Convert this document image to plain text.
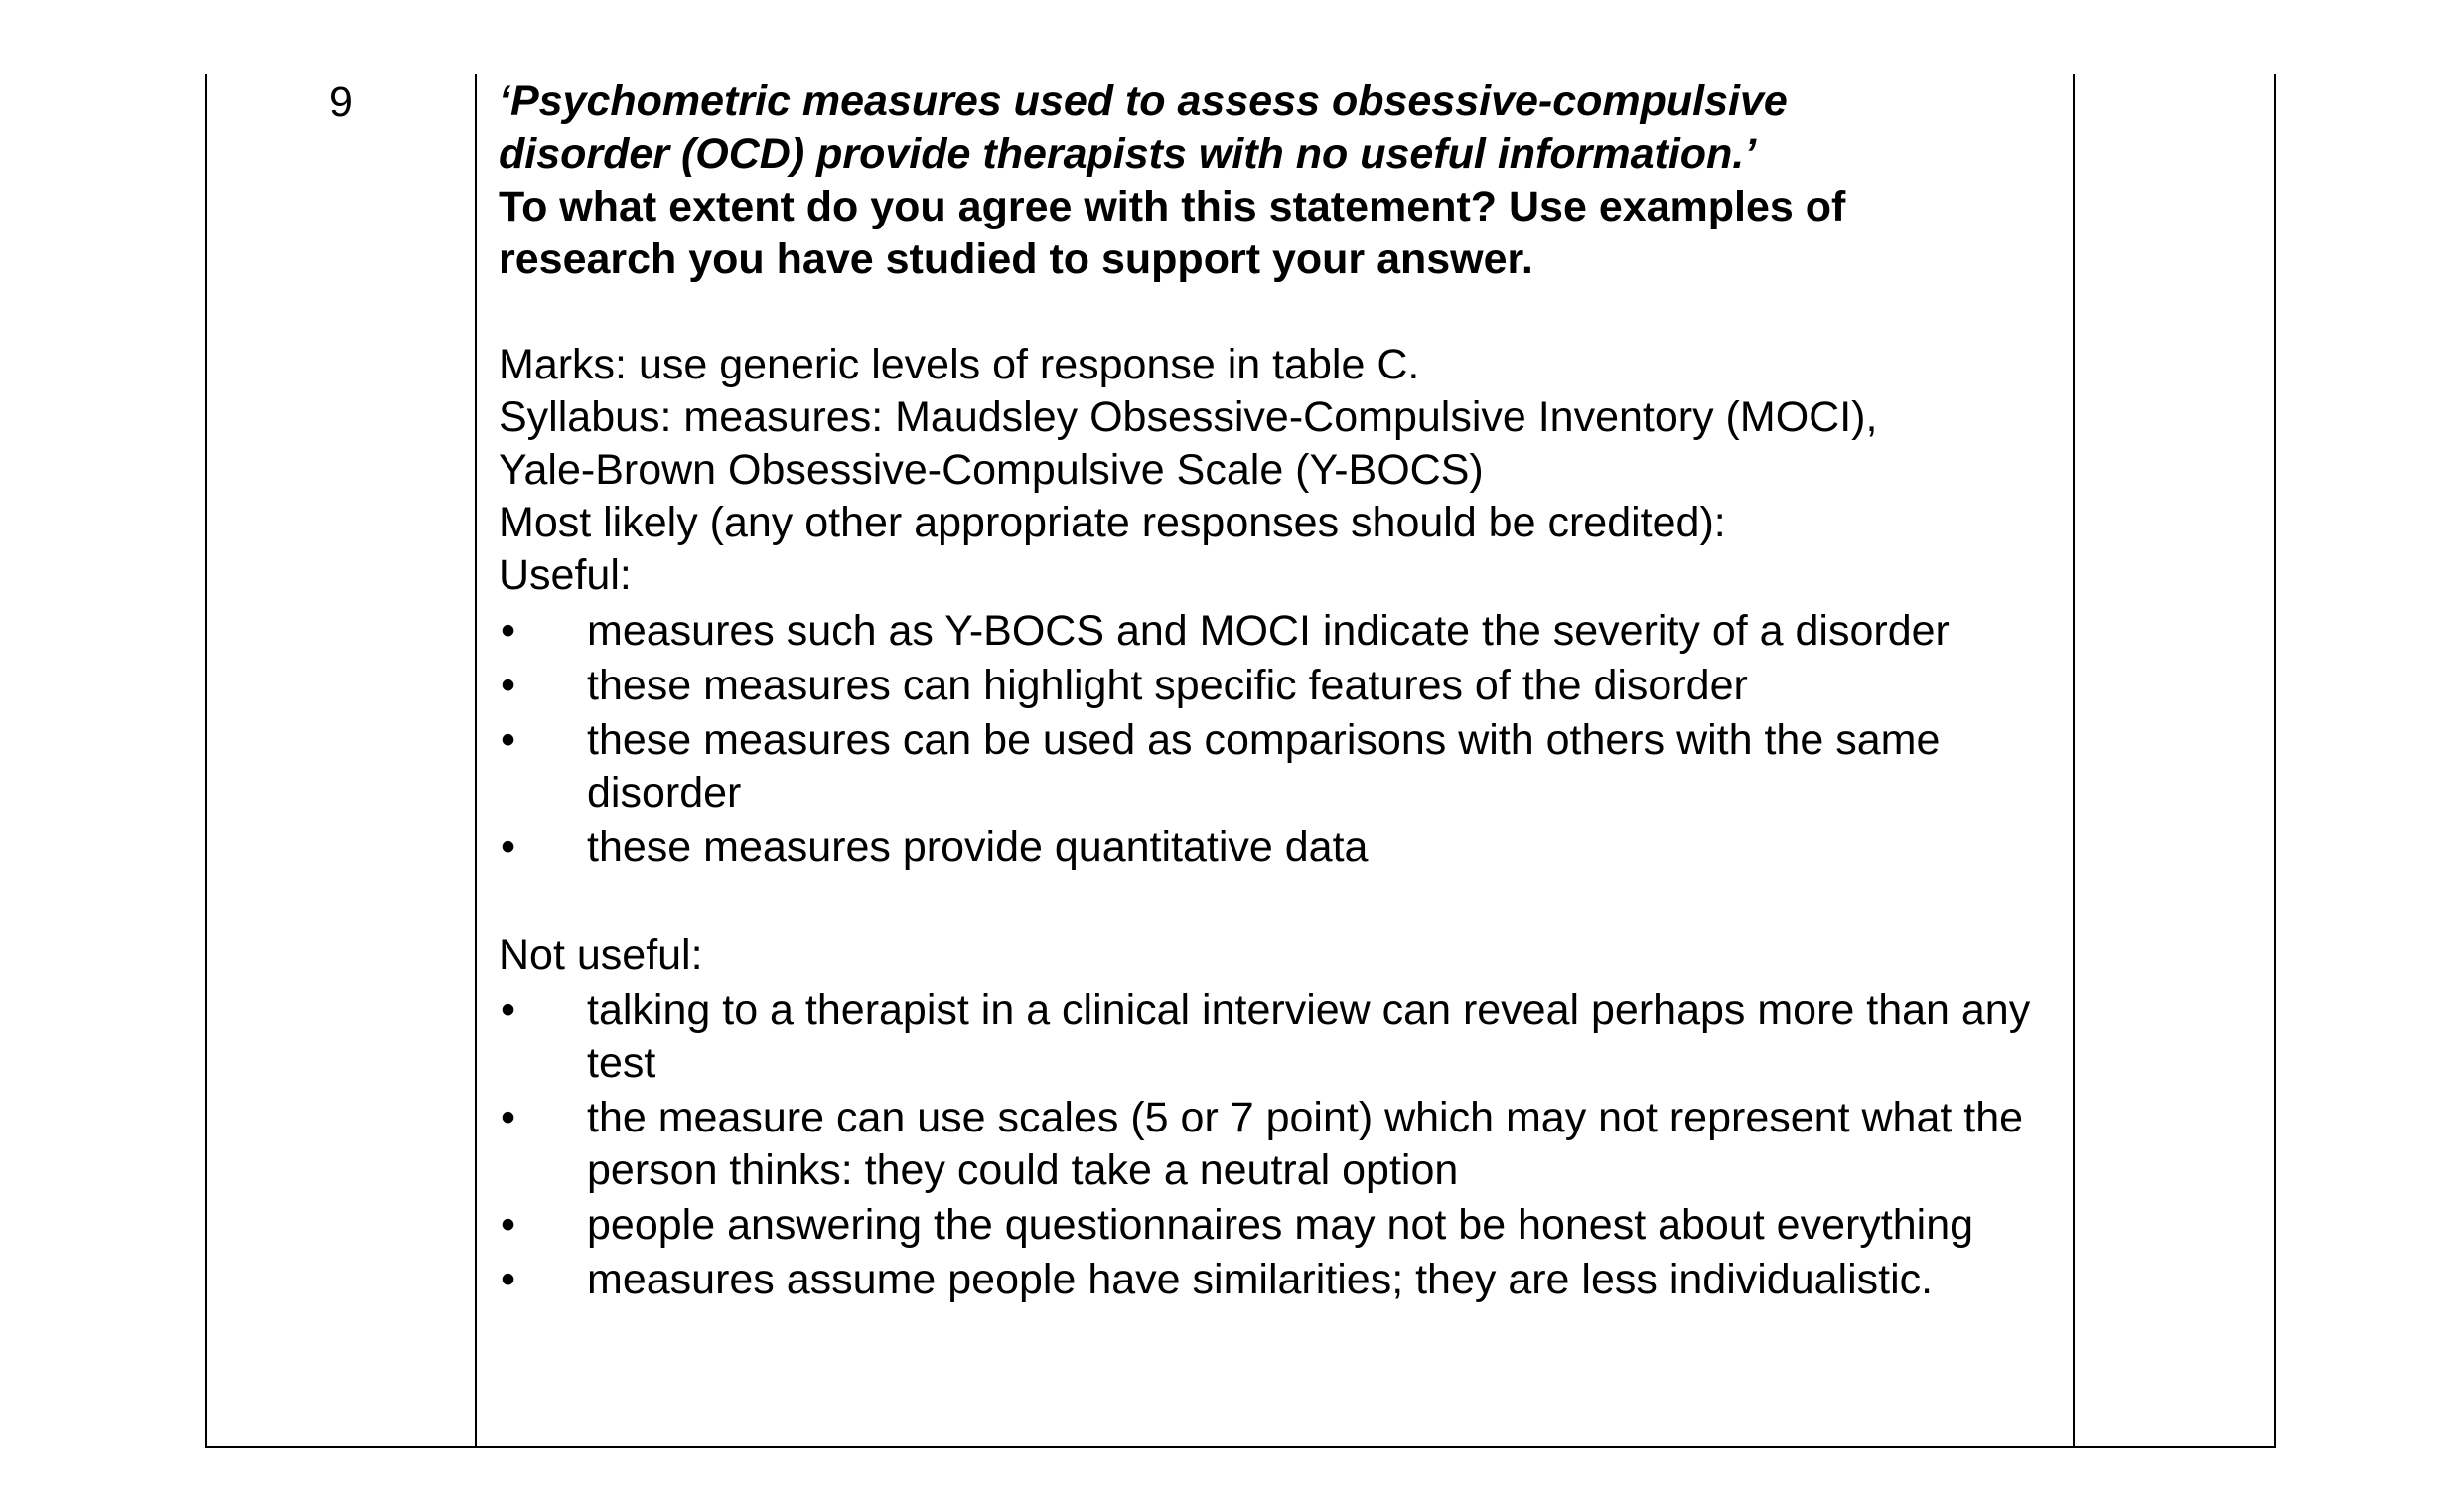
9	‘Psychometric measures used to assess obsessive-compulsive
disorder (OCD) provide therapists with no useful information.’
To what extent do you agree with this statement? Use examples of
research you have studied to support your answer.
Marks: use generic levels of response in table C.
Syllabus: measures: Maudsley Obsessive-Compulsive Inventory (MOCI),
Yale-Brown Obsessive-Compulsive Scale (Y-BOCS)
Most likely (any other appropriate responses should be credited):
Useful:
• measures such as Y-BOCS and MOCI indicate the severity of a disorder
• these measures can highlight specific features of the disorder
• these measures can be used as comparisons with others with the same disorder
• these measures provide quantitative data
Not useful:
• talking to a therapist in a clinical interview can reveal perhaps more than any test
• the measure can use scales (5 or 7 point) which may not represent what the person thinks: they could take a neutral option
• people answering the questionnaires may not be honest about everything
• measures assume people have similarities; they are less individualistic.
